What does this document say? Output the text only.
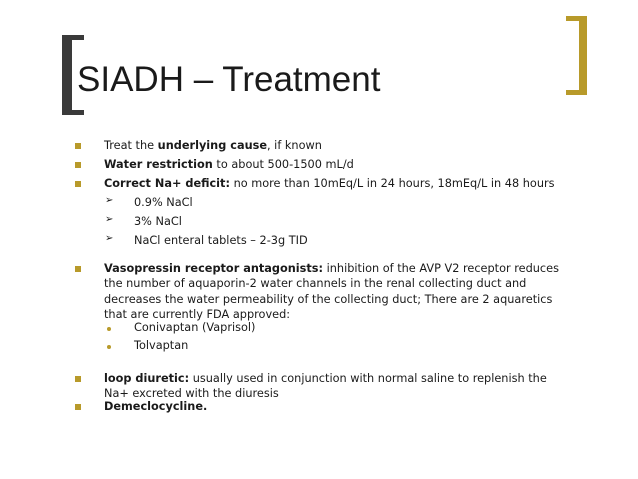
SIADH – Treatment
Treat the underlying cause, if known
Water restriction to about 500-1500 mL/d
Correct Na+ deficit: no more than 10mEq/L in 24 hours, 18mEq/L in 48 hours
➢ 0.9% NaCl
➢ 3% NaCl
➢ NaCl enteral tablets – 2-3g TID
Vasopressin receptor antagonists: inhibition of the AVP V2 receptor reduces the number of aquaporin-2 water channels in the renal collecting duct and decreases the water permeability of the collecting duct; There are 2 aquaretics that are currently FDA approved:
Conivaptan (Vaprisol)
Tolvaptan
loop diuretic: usually used in conjunction with normal saline to replenish the Na+ excreted with the diuresis
Demeclocycline.
